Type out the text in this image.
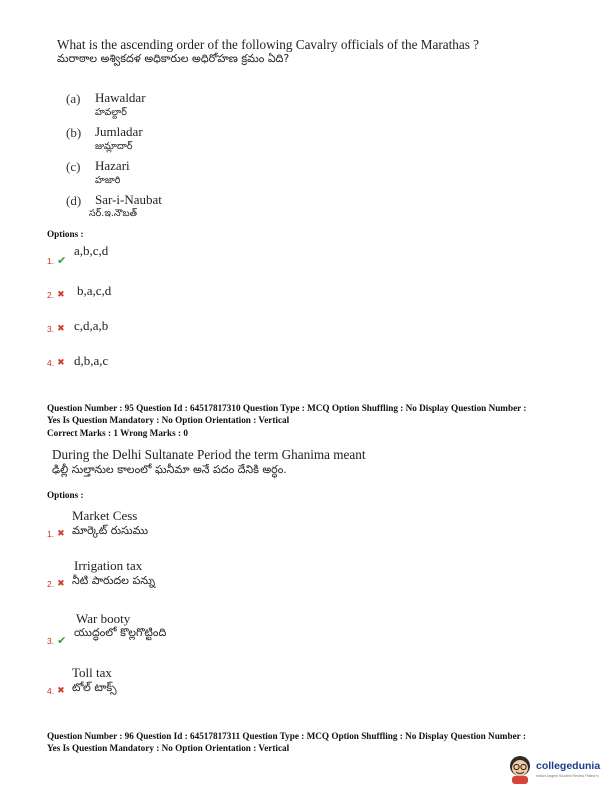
What is the ascending order of the following Cavalry officials of the Marathas ?
మరాఠాల అశ్వికదళ అధికారుల అధిరోహణ క్రమం ఏది?
(a) Hawaldar
హవల్దార్
(b) Jumladar
జుమ్లాదార్
(c) Hazari
హజారి
(d) Sar-i-Naubat
సర్.ఇ.నౌబత్
Options :
1. ✔
a,b,c,d
2. ✖ b,a,c,d
3. ✖ c,d,a,b
4. ✖ d,b,a,c
Question Number : 95 Question Id : 64517817310 Question Type : MCQ Option Shuffling : No Display Question Number :
Yes Is Question Mandatory : No Option Orientation : Vertical
Correct Marks : 1 Wrong Marks : 0
During the Delhi Sultanate Period the term Ghanima meant
ఢిల్లీ సుల్తానుల కాలంలో ఘనీమా అనే పదం దేనికి అర్ధం.
Options :
Market Cess
1. ✖ మార్కెట్ రుసుము
Irrigation tax
2. ✖ నీటి పారుదల పన్ను
War booty
3. ✔
యుద్ధంలో కొల్లగొట్టింది
Toll tax
4. ✖ టోల్ టాక్స్
Question Number : 96 Question Id : 64517817311 Question Type : MCQ Option Shuffling : No Display Question Number :
Yes Is Question Mandatory : No Option Orientation : Vertical
collegedunia
India's largest Student Review Platform
